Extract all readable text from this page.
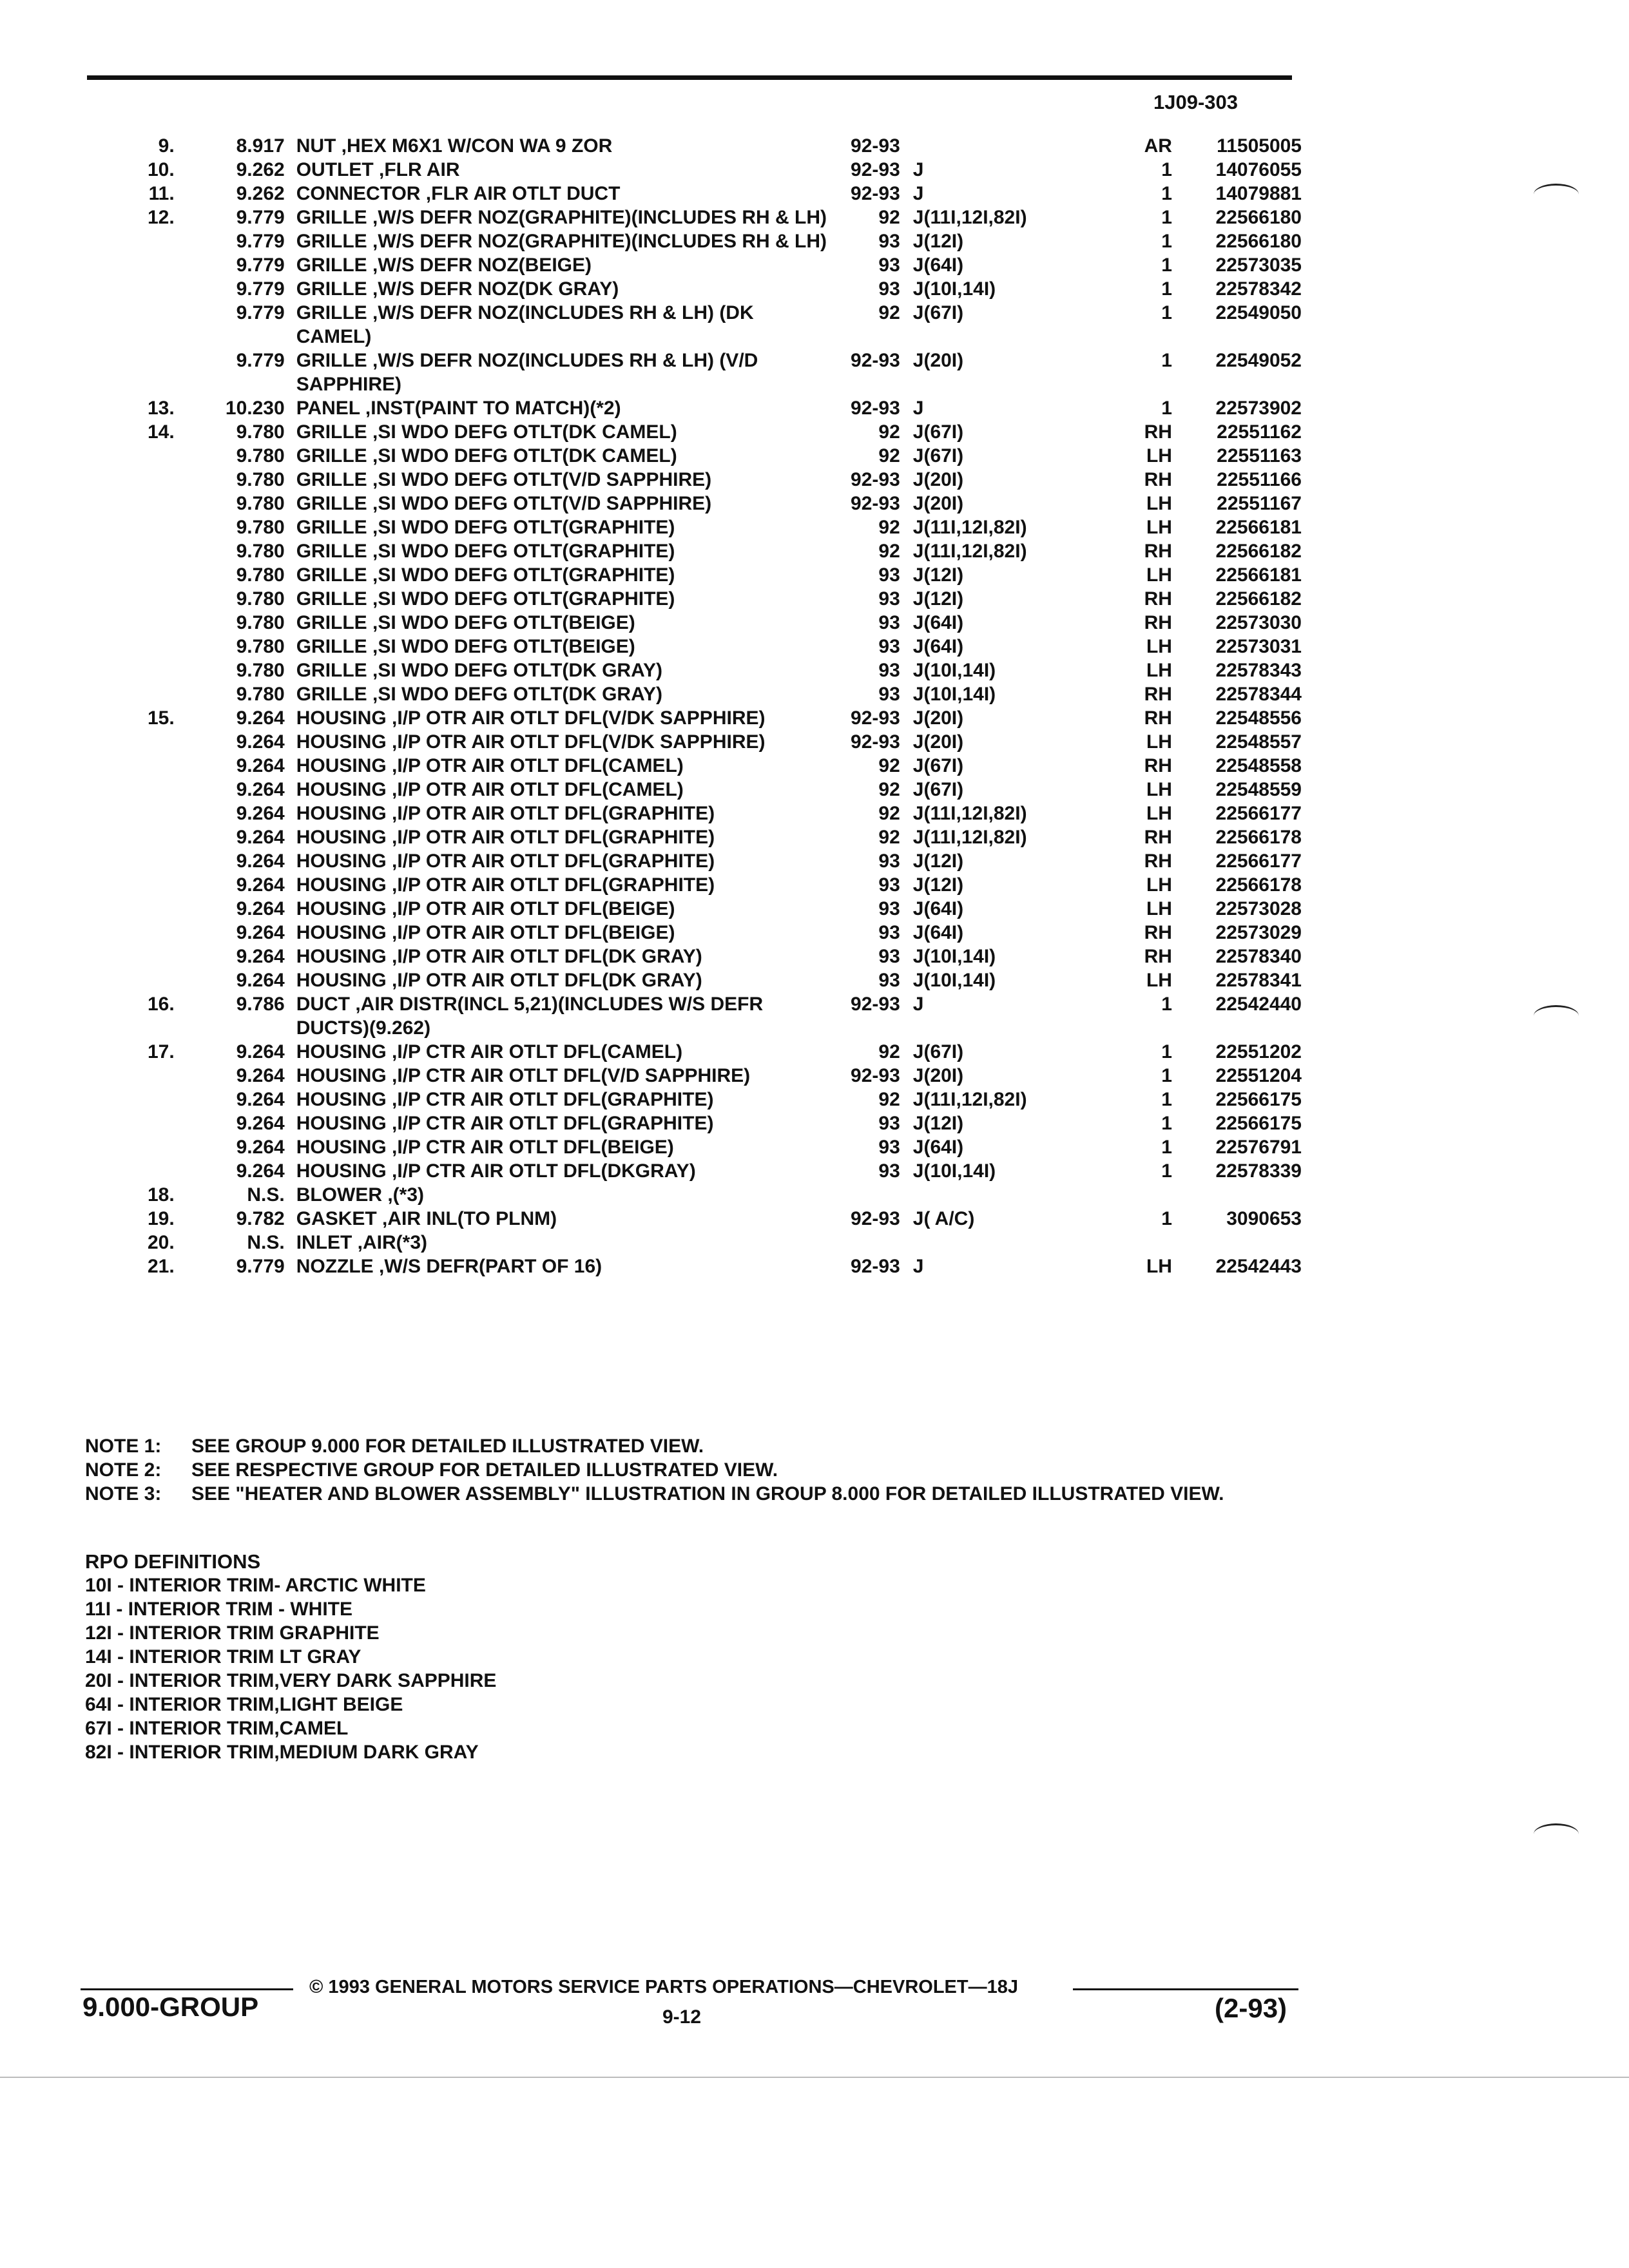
1J09-303
9.	8.917	NUT ,HEX M6X1 W/CON WA 9 ZOR	92-93		AR	11505005
10.	9.262	OUTLET ,FLR AIR	92-93	J	1	14076055
11.	9.262	CONNECTOR ,FLR AIR OTLT DUCT	92-93	J	1	14079881
12.	9.779	GRILLE ,W/S DEFR NOZ(GRAPHITE)(INCLUDES RH & LH)	92	J(11I,12I,82I)	1	22566180
	9.779	GRILLE ,W/S DEFR NOZ(GRAPHITE)(INCLUDES RH & LH)	93	J(12I)	1	22566180
	9.779	GRILLE ,W/S DEFR NOZ(BEIGE)	93	J(64I)	1	22573035
	9.779	GRILLE ,W/S DEFR NOZ(DK GRAY)	93	J(10I,14I)	1	22578342
	9.779	GRILLE ,W/S DEFR NOZ(INCLUDES RH & LH) (DK CAMEL)	92	J(67I)	1	22549050
	9.779	GRILLE ,W/S DEFR NOZ(INCLUDES RH & LH) (V/D SAPPHIRE)	92-93	J(20I)	1	22549052
13.	10.230	PANEL ,INST(PAINT TO MATCH)(*2)	92-93	J	1	22573902
14.	9.780	GRILLE ,SI WDO DEFG OTLT(DK CAMEL)	92	J(67I)	RH	22551162
	9.780	GRILLE ,SI WDO DEFG OTLT(DK CAMEL)	92	J(67I)	LH	22551163
	9.780	GRILLE ,SI WDO DEFG OTLT(V/D SAPPHIRE)	92-93	J(20I)	RH	22551166
	9.780	GRILLE ,SI WDO DEFG OTLT(V/D SAPPHIRE)	92-93	J(20I)	LH	22551167
	9.780	GRILLE ,SI WDO DEFG OTLT(GRAPHITE)	92	J(11I,12I,82I)	LH	22566181
	9.780	GRILLE ,SI WDO DEFG OTLT(GRAPHITE)	92	J(11I,12I,82I)	RH	22566182
	9.780	GRILLE ,SI WDO DEFG OTLT(GRAPHITE)	93	J(12I)	LH	22566181
	9.780	GRILLE ,SI WDO DEFG OTLT(GRAPHITE)	93	J(12I)	RH	22566182
	9.780	GRILLE ,SI WDO DEFG OTLT(BEIGE)	93	J(64I)	RH	22573030
	9.780	GRILLE ,SI WDO DEFG OTLT(BEIGE)	93	J(64I)	LH	22573031
	9.780	GRILLE ,SI WDO DEFG OTLT(DK GRAY)	93	J(10I,14I)	LH	22578343
	9.780	GRILLE ,SI WDO DEFG OTLT(DK GRAY)	93	J(10I,14I)	RH	22578344
15.	9.264	HOUSING ,I/P OTR AIR OTLT DFL(V/DK SAPPHIRE)	92-93	J(20I)	RH	22548556
	9.264	HOUSING ,I/P OTR AIR OTLT DFL(V/DK SAPPHIRE)	92-93	J(20I)	LH	22548557
	9.264	HOUSING ,I/P OTR AIR OTLT DFL(CAMEL)	92	J(67I)	RH	22548558
	9.264	HOUSING ,I/P OTR AIR OTLT DFL(CAMEL)	92	J(67I)	LH	22548559
	9.264	HOUSING ,I/P OTR AIR OTLT DFL(GRAPHITE)	92	J(11I,12I,82I)	LH	22566177
	9.264	HOUSING ,I/P OTR AIR OTLT DFL(GRAPHITE)	92	J(11I,12I,82I)	RH	22566178
	9.264	HOUSING ,I/P OTR AIR OTLT DFL(GRAPHITE)	93	J(12I)	RH	22566177
	9.264	HOUSING ,I/P OTR AIR OTLT DFL(GRAPHITE)	93	J(12I)	LH	22566178
	9.264	HOUSING ,I/P OTR AIR OTLT DFL(BEIGE)	93	J(64I)	LH	22573028
	9.264	HOUSING ,I/P OTR AIR OTLT DFL(BEIGE)	93	J(64I)	RH	22573029
	9.264	HOUSING ,I/P OTR AIR OTLT DFL(DK GRAY)	93	J(10I,14I)	RH	22578340
	9.264	HOUSING ,I/P OTR AIR OTLT DFL(DK GRAY)	93	J(10I,14I)	LH	22578341
16.	9.786	DUCT ,AIR DISTR(INCL 5,21)(INCLUDES W/S DEFR DUCTS)(9.262)	92-93	J	1	22542440
17.	9.264	HOUSING ,I/P CTR AIR OTLT DFL(CAMEL)	92	J(67I)	1	22551202
	9.264	HOUSING ,I/P CTR AIR OTLT DFL(V/D SAPPHIRE)	92-93	J(20I)	1	22551204
	9.264	HOUSING ,I/P CTR AIR OTLT DFL(GRAPHITE)	92	J(11I,12I,82I)	1	22566175
	9.264	HOUSING ,I/P CTR AIR OTLT DFL(GRAPHITE)	93	J(12I)	1	22566175
	9.264	HOUSING ,I/P CTR AIR OTLT DFL(BEIGE)	93	J(64I)	1	22576791
	9.264	HOUSING ,I/P CTR AIR OTLT DFL(DKGRAY)	93	J(10I,14I)	1	22578339
18.	N.S.	BLOWER ,(*3)				
19.	9.782	GASKET ,AIR INL(TO PLNM)	92-93	J( A/C)	1	3090653
20.	N.S.	INLET ,AIR(*3)				
21.	9.779	NOZZLE ,W/S DEFR(PART OF 16)	92-93	J	LH	22542443
NOTE 1:	SEE GROUP 9.000 FOR DETAILED ILLUSTRATED VIEW.
NOTE 2:	SEE RESPECTIVE GROUP FOR DETAILED ILLUSTRATED VIEW.
NOTE 3:	SEE "HEATER AND BLOWER ASSEMBLY" ILLUSTRATION IN GROUP 8.000 FOR DETAILED ILLUSTRATED VIEW.
RPO DEFINITIONS
10I - INTERIOR TRIM- ARCTIC WHITE
11I - INTERIOR TRIM - WHITE
12I - INTERIOR TRIM GRAPHITE
14I - INTERIOR TRIM LT GRAY
20I - INTERIOR TRIM,VERY DARK SAPPHIRE
64I - INTERIOR TRIM,LIGHT BEIGE
67I - INTERIOR TRIM,CAMEL
82I - INTERIOR TRIM,MEDIUM DARK GRAY
© 1993 GENERAL MOTORS SERVICE PARTS OPERATIONS—CHEVROLET—18J
9.000-GROUP	9-12	(2-93)
